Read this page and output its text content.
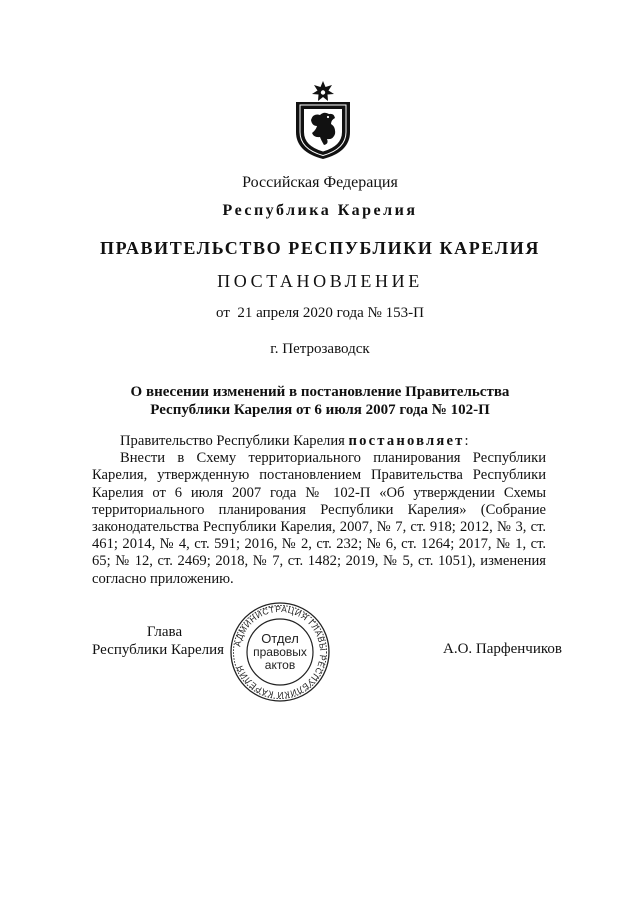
Российская Федерация
Республика Карелия
ПРАВИТЕЛЬСТВО РЕСПУБЛИКИ КАРЕЛИЯ
ПОСТАНОВЛЕНИЕ
от  21 апреля 2020 года № 153-П
г. Петрозаводск
О внесении изменений в постановление Правительства
Республики Карелия от 6 июля 2007 года № 102-П

Правительство Республики Карелия постановляет:

Внести в Схему территориального планирования Республики Карелия, утвержденную постановлением Правительства Республики Карелия от 6 июля 2007 года № 102-П «Об утверждении Схемы территориального планирования Республики Карелия» (Собрание законодательства Республики Карелия, 2007, № 7, ст. 918; 2012, № 3, ст. 461; 2014, № 4, ст. 591; 2016, № 2, ст. 232; № 6, ст. 1264; 2017, № 1, ст. 65; № 12, ст. 2469; 2018, № 7, ст. 1482; 2019, № 5, ст. 1051), изменения согласно приложению.

Глава
Республики Карелия АДМИНИСТРАЦИЯ ГЛАВЫ РЕСПУБЛИКИ КАРЕЛИЯ
Отдел
правовых
актов
А.О. Парфенчиков
